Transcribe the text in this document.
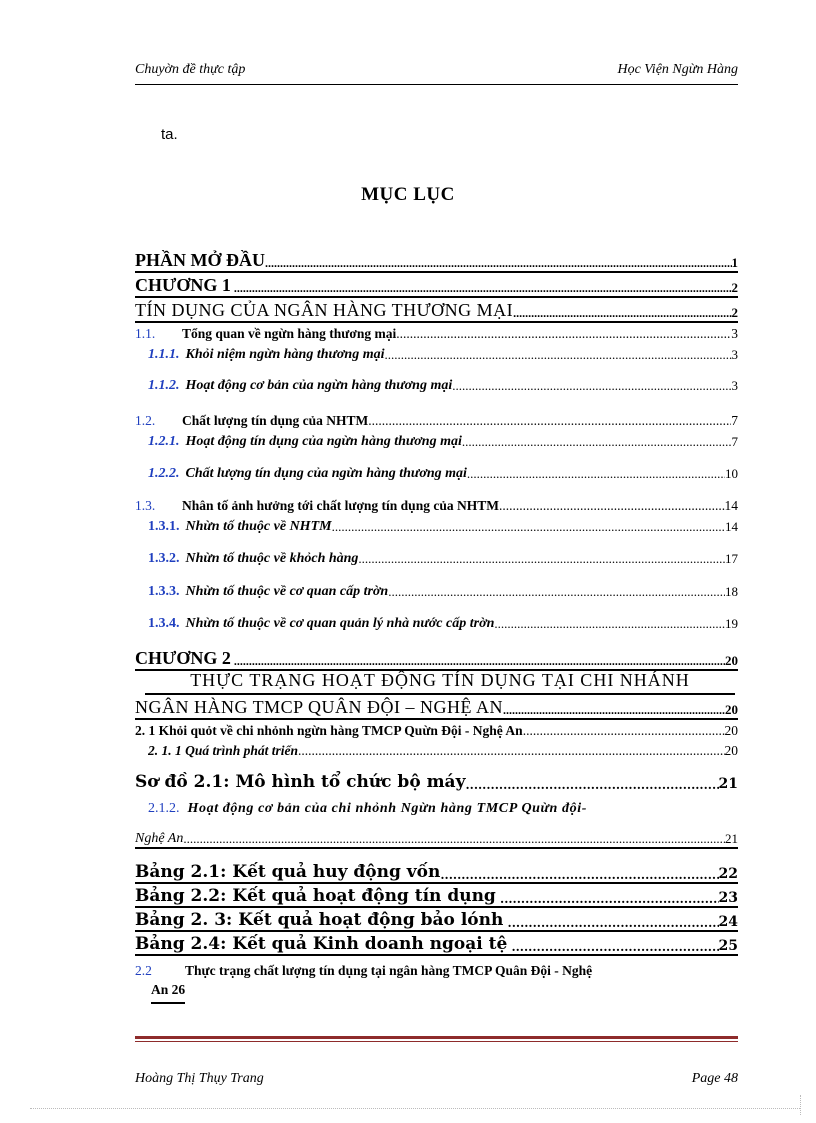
Chuyờn đề thực tập	Học Viện Ngừn Hàng
ta.
MỤC LỤC
PHẦN MỞ ĐẦU .....	1
CHƯƠNG 1 .....	2
TÍN DỤNG CỦA NGÂN HÀNG THƯƠNG MẠI .....	2
1.1.	Tổng quan về ngừn hàng thương mại .....	3
1.1.1. Khỏi niệm ngừn hàng thương mại .....	3
1.1.2. Hoạt động cơ bản của ngừn hàng thương mại .....	3
1.2.	Chất lượng tín dụng của NHTM .....	7
1.2.1. Hoạt động tín dụng của ngừn hàng thương mại .....	7
1.2.2. Chất lượng tín dụng của ngừn hàng thương mại .....	10
1.3.	Nhân tố ảnh hưởng tới chất lượng tín dụng của NHTM .....	14
1.3.1. Nhừn tố thuộc về NHTM .....	14
1.3.2. Nhừn tố thuộc về khỏch hàng .....	17
1.3.3. Nhừn tố thuộc về cơ quan cấp trờn .....	18
1.3.4. Nhừn tố thuộc về cơ quan quản lý nhà nước cấp trờn .....	19
CHƯƠNG 2 .....	20
THỰC TRẠNG HOẠT ĐỘNG TÍN DỤNG TẠI CHI NHÁNH
NGÂN HÀNG TMCP QUÂN ĐỘI – NGHỆ AN .....	20
2. 1 Khỏi quỏt về chi nhỏnh ngừn hàng TMCP Quừn Đội - Nghệ An .....	20
2. 1. 1 Quá trình phát triển .....	20
Sơ đồ 2.1: Mô hình tổ chức bộ máy .....	21
2.1.2. Hoạt động cơ bản của chi nhỏnh Ngừn hàng TMCP Quừn đội-
Nghệ An .....	21
Bảng 2.1: Kết quả huy động vốn .....	22
Bảng 2.2: Kết quả hoạt động tín dụng .....	23
Bảng 2. 3: Kết quả hoạt động bảo lónh .....	24
Bảng 2.4: Kết quả Kinh doanh ngoại tệ .....	25
2.2	Thực trạng chất lượng tín dụng tại ngân hàng TMCP Quân Đội - Nghệ
An 26
Hoàng Thị Thụy Trang	Page 48
